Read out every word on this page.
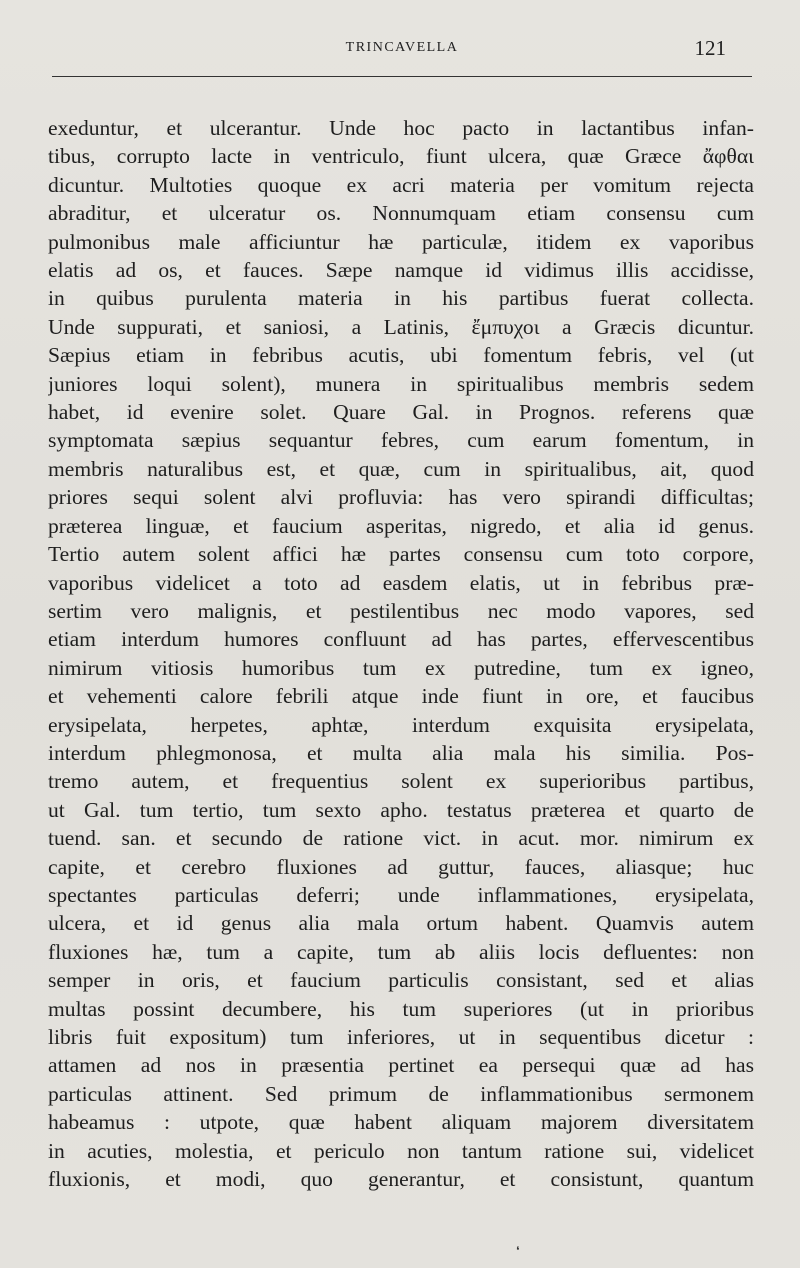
TRINCAVELLA	121
exeduntur, et ulcerantur. Unde hoc pacto in lactantibus infan-
tibus, corrupto lacte in ventriculo, fiunt ulcera, quæ Græce ἄφθαι
dicuntur. Multoties quoque ex acri materia per vomitum rejecta
abraditur, et ulceratur os. Nonnumquam etiam consensu cum
pulmonibus male afficiuntur hæ particulæ, itidem ex vaporibus
elatis ad os, et fauces. Sæpe namque id vidimus illis accidisse,
in quibus purulenta materia in his partibus fuerat collecta.
Unde suppurati, et saniosi, a Latinis, ἔμπυχοι a Græcis dicuntur.
Sæpius etiam in febribus acutis, ubi fomentum febris, vel (ut
juniores loqui solent), munera in spiritualibus membris sedem
habet, id evenire solet. Quare Gal. in Prognos. referens quæ
symptomata sæpius sequantur febres, cum earum fomentum, in
membris naturalibus est, et quæ, cum in spiritualibus, ait, quod
priores sequi solent alvi profluvia: has vero spirandi difficultas;
præterea linguæ, et faucium asperitas, nigredo, et alia id genus.
Tertio autem solent affici hæ partes consensu cum toto corpore,
vaporibus videlicet a toto ad easdem elatis, ut in febribus præ-
sertim vero malignis, et pestilentibus nec modo vapores, sed
etiam interdum humores confluunt ad has partes, effervescentibus
nimirum vitiosis humoribus tum ex putredine, tum ex igneo,
et vehementi calore febrili atque inde fiunt in ore, et faucibus
erysipelata, herpetes, aphtæ, interdum exquisita erysipelata,
interdum phlegmonosa, et multa alia mala his similia. Pos-
tremo autem, et frequentius solent ex superioribus partibus,
ut Gal. tum tertio, tum sexto apho. testatus præterea et quarto de
tuend. san. et secundo de ratione vict. in acut. mor. nimirum ex
capite, et cerebro fluxiones ad guttur, fauces, aliasque; huc
spectantes particulas deferri; unde inflammationes, erysipelata,
ulcera, et id genus alia mala ortum habent. Quamvis autem
fluxiones hæ, tum a capite, tum ab aliis locis defluentes: non
semper in oris, et faucium particulis consistant, sed et alias
multas possint decumbere, his tum superiores (ut in prioribus
libris fuit expositum) tum inferiores, ut in sequentibus dicetur :
attamen ad nos in præsentia pertinet ea persequi quæ ad has
particulas attinent. Sed primum de inflammationibus sermonem
habeamus : utpote, quæ habent aliquam majorem diversitatem
in acuties, molestia, et periculo non tantum ratione sui, videlicet
fluxionis, et modi, quo generantur, et consistunt, quantum
❛
